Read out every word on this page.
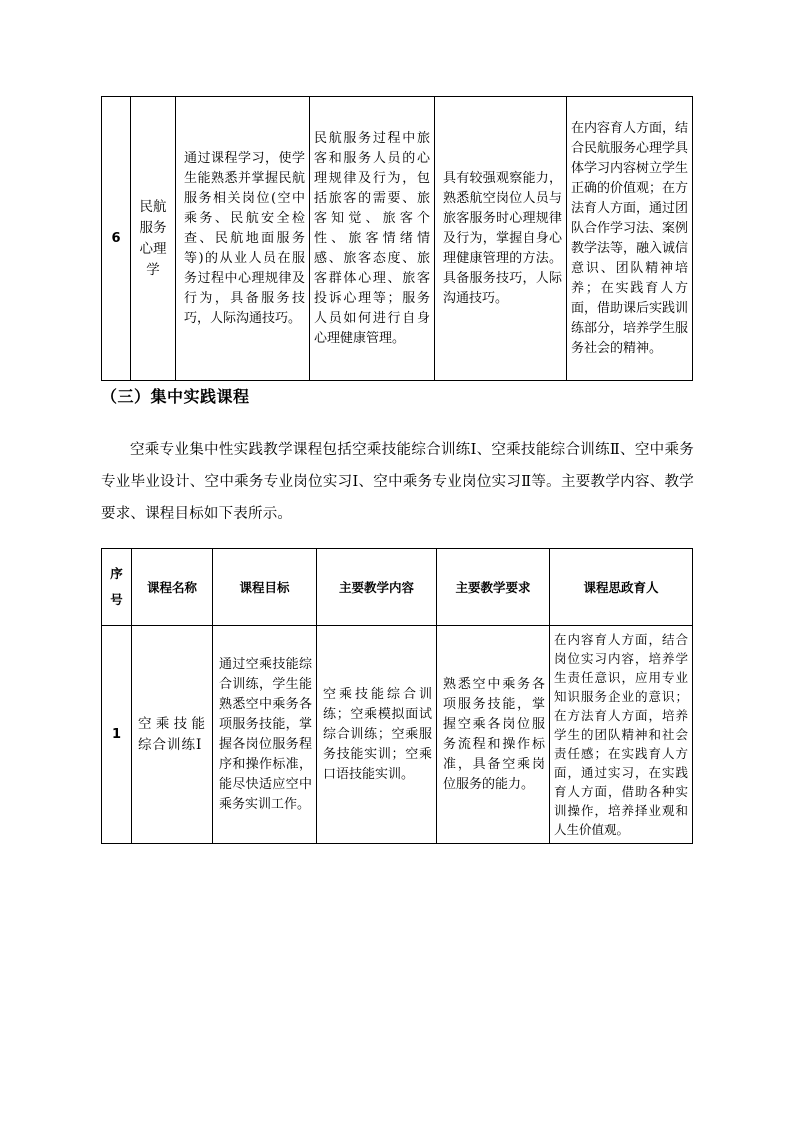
6	民航服务心理学	通过课程学习，使学生能熟悉并掌握民航服务相关岗位(空中乘务、民航安全检查、民航地面服务等)的从业人员在服务过程中心理规律及行为，具备服务技巧，人际沟通技巧。	民航服务过程中旅客和服务人员的心理规律及行为，包括旅客的需要、旅客知觉、旅客个性、旅客情绪情感、旅客态度、旅客群体心理、旅客投诉心理等；服务人员如何进行自身心理健康管理。	具有较强观察能力，熟悉航空岗位人员与旅客服务时心理规律及行为，掌握自身心理健康管理的方法。具备服务技巧，人际沟通技巧。	在内容育人方面，结合民航服务心理学具体学习内容树立学生正确的价值观；在方法育人方面，通过团队合作学习法、案例教学法等，融入诚信意识、团队精神培养；在实践育人方面，借助课后实践训练部分，培养学生服务社会的精神。
（三）集中实践课程

空乘专业集中性实践教学课程包括空乘技能综合训练Ⅰ、空乘技能综合训练Ⅱ、空中乘务专业毕业设计、空中乘务专业岗位实习Ⅰ、空中乘务专业岗位实习Ⅱ等。主要教学内容、教学要求、课程目标如下表所示。

序
号	课程名称	课程目标	主要教学内容	主要教学要求	课程思政育人
1	空乘技能综合训练Ⅰ	通过空乘技能综合训练，学生能熟悉空中乘务各项服务技能，掌握各岗位服务程序和操作标准，能尽快适应空中乘务实训工作。	空乘技能综合训练；空乘模拟面试综合训练；空乘服务技能实训；空乘口语技能实训。	熟悉空中乘务各项服务技能，掌握空乘各岗位服务流程和操作标准，具备空乘岗位服务的能力。	在内容育人方面，结合岗位实习内容，培养学生责任意识，应用专业知识服务企业的意识；在方法育人方面，培养学生的团队精神和社会责任感；在实践育人方面，通过实习，在实践育人方面，借助各种实训操作，培养择业观和人生价值观。
